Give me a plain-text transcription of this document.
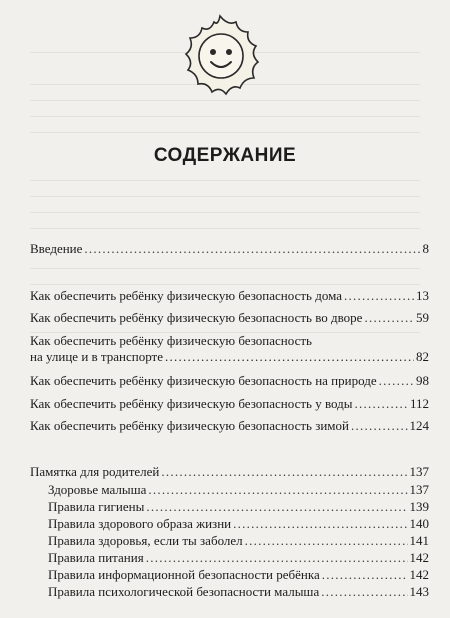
СОДЕРЖАНИЕ
Введение . . .	8
Как обеспечить ребёнку физическую безопасность дома . . .	13
Как обеспечить ребёнку физическую безопасность во дворе . . .	59
Как обеспечить ребёнку физическую безопасность
на улице и в транспорте . . .	82
Как обеспечить ребёнку физическую безопасность на природе . . .	98
Как обеспечить ребёнку физическую безопасность у воды . . .	112
Как обеспечить ребёнку физическую безопасность зимой . . .	124
Памятка для родителей . . .	137
Здоровье малыша . . .	137
Правила гигиены . . .	139
Правила здорового образа жизни . . .	140
Правила здоровья, если ты заболел . . .	141
Правила питания . . .	142
Правила информационной безопасности ребёнка . . .	142
Правила психологической безопасности малыша . . .	143
